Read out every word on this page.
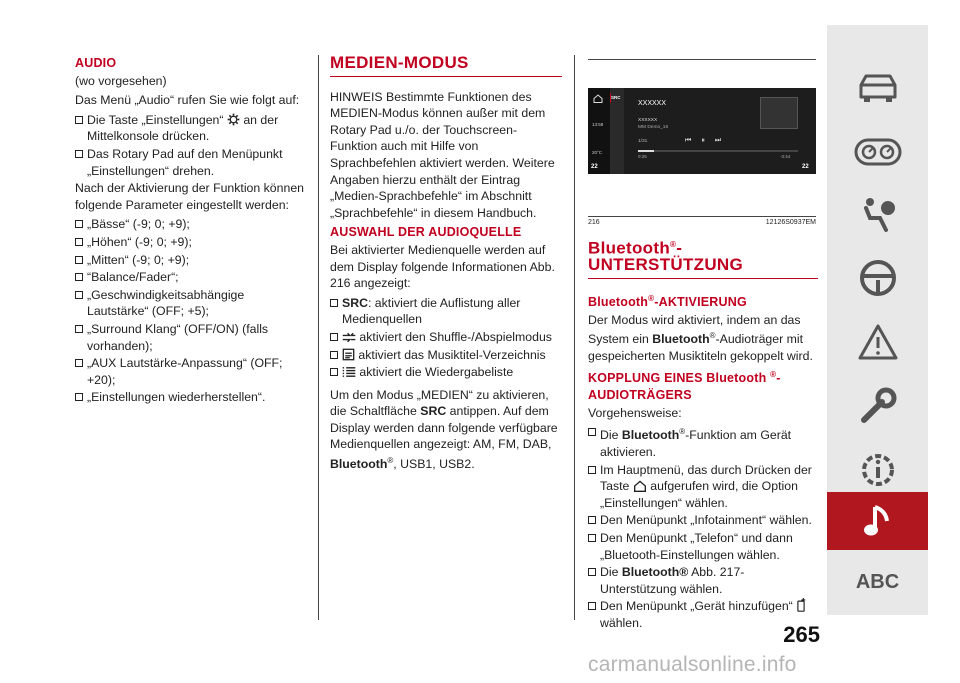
AUDIO

(wo vorgesehen)

Das Menü „Audio“ rufen Sie wie folgt auf:

Die Taste „Einstellungen“ an der Mittelkonsole drücken.

Das Rotary Pad auf den Menüpunkt „Einstellungen“ drehen.

Nach der Aktivierung der Funktion können folgende Parameter eingestellt werden:

„Bässe“ (-9; 0; +9);

„Höhen“ (-9; 0; +9);

„Mitten“ (-9; 0; +9);

“Balance/Fader“;

„Geschwindigkeitsabhängige Lautstärke“ (OFF; +5);

„Surround Klang“ (OFF/ON) (falls vorhanden);

„AUX Lautstärke-Anpassung“ (OFF; +20);

„Einstellungen wiederherstellen“.

MEDIEN-MODUS

HINWEIS Bestimmte Funktionen des MEDIEN-Modus können außer mit dem Rotary Pad u./o. der Touchscreen-Funktion auch mit Hilfe von Sprachbefehlen aktiviert werden. Weitere Angaben hierzu enthält der Eintrag „Medien-Sprachbefehle“ im Abschnitt „Sprachbefehle“ in diesem Handbuch.

AUSWAHL DER AUDIOQUELLE

Bei aktivierter Medienquelle werden auf dem Display folgende Informationen Abb. 216 angezeigt:

SRC: aktiviert die Auflistung aller Medienquellen

aktiviert den Shuffle-/Abspielmodus

aktiviert das Musiktitel-Verzeichnis

aktiviert die Wiedergabeliste

Um den Modus „MEDIEN“ zu aktivieren, die Schaltfläche SRC antippen. Auf dem Display werden dann folgende verfügbare Medienquellen angezeigt: AM, FM, DAB, Bluetooth®, USB1, USB2.

SRC
13:58
20°C
XXXXXX
XXXXXX
MM Demo_16
1/31	⏮⏸⏭
0:25	-3:44
22	22
216	12126S0937EM
Bluetooth®-UNTERSTÜTZUNG
Bluetooth®-AKTIVIERUNG

Der Modus wird aktiviert, indem an das System ein Bluetooth®-Audioträger mit gespeicherten Musiktiteln gekoppelt wird.

KOPPLUNG EINES Bluetooth ®-AUDIOTRÄGERS

Vorgehensweise:

Die Bluetooth®-Funktion am Gerät aktivieren.

Im Hauptmenü, das durch Drücken der Taste aufgerufen wird, die Option „Einstellungen“ wählen.

Den Menüpunkt „Infotainment“ wählen.

Den Menüpunkt „Telefon“ und dann „Bluetooth-Einstellungen wählen.

Die Bluetooth® Abb. 217-Unterstützung wählen.

Den Menüpunkt „Gerät hinzufügen“  wählen.

ABC
265
carmanualsonline.info
